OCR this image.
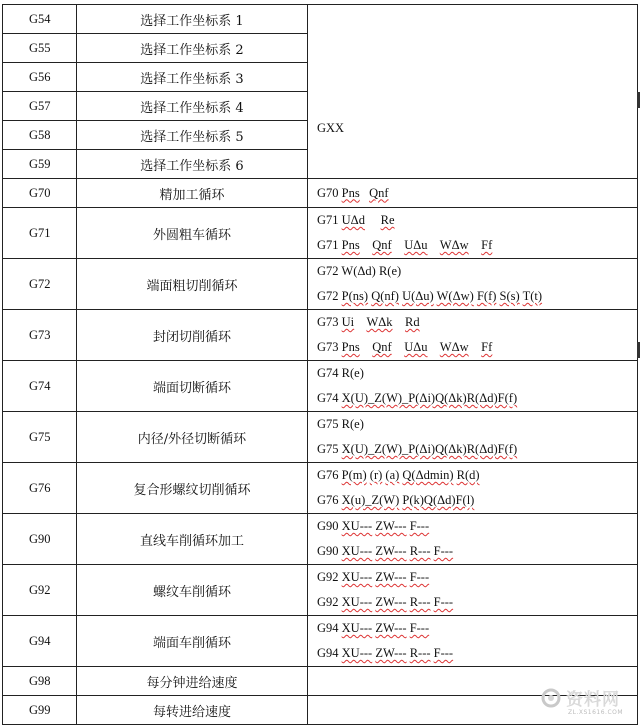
G54	选择工作坐标系 1	GXX

G55	选择工作坐标系 2	
G56	选择工作坐标系 3	
G57	选择工作坐标系 4	
G58	选择工作坐标系 5	
G59	选择工作坐标系 6	
G70	精加工循环	G70 Pns Qnf

G71	外圆粗车循环	G71 UΔd Re
G71 Pns Qnf UΔu WΔw Ff

G72	端面粗切削循环	G72 W(Δd) R(e)
G72 P(ns) Q(nf) U(Δu) W(Δw) F(f) S(s) T(t)

G73	封闭切削循环	G73 Ui WΔk Rd
G73 Pns Qnf UΔu WΔw Ff

G74	端面切断循环	G74 R(e)
G74 X(U)_Z(W)_P(Δi)Q(Δk)R(Δd)F(f)

G75	内径/外径切断循环	G75 R(e)
G75 X(U)_Z(W)_P(Δi)Q(Δk)R(Δd)F(f)

G76	复合形螺纹切削循环	G76 P(m) (r) (a) Q(Δdmin) R(d)
G76 X(u)_Z(W) P(k)Q(Δd)F(l)

G90	直线车削循环加工	G90 XU--- ZW--- F---
G90 XU--- ZW--- R--- F---

G92	螺纹车削循环	G92 XU--- ZW--- F---
G92 XU--- ZW--- R--- F---

G94	端面车削循环	G94 XU--- ZW--- F---
G94 XU--- ZW--- R--- F---

G98	每分钟进给速度	
G99	每转进给速度	
资料网
ZL.XS1616.COM
